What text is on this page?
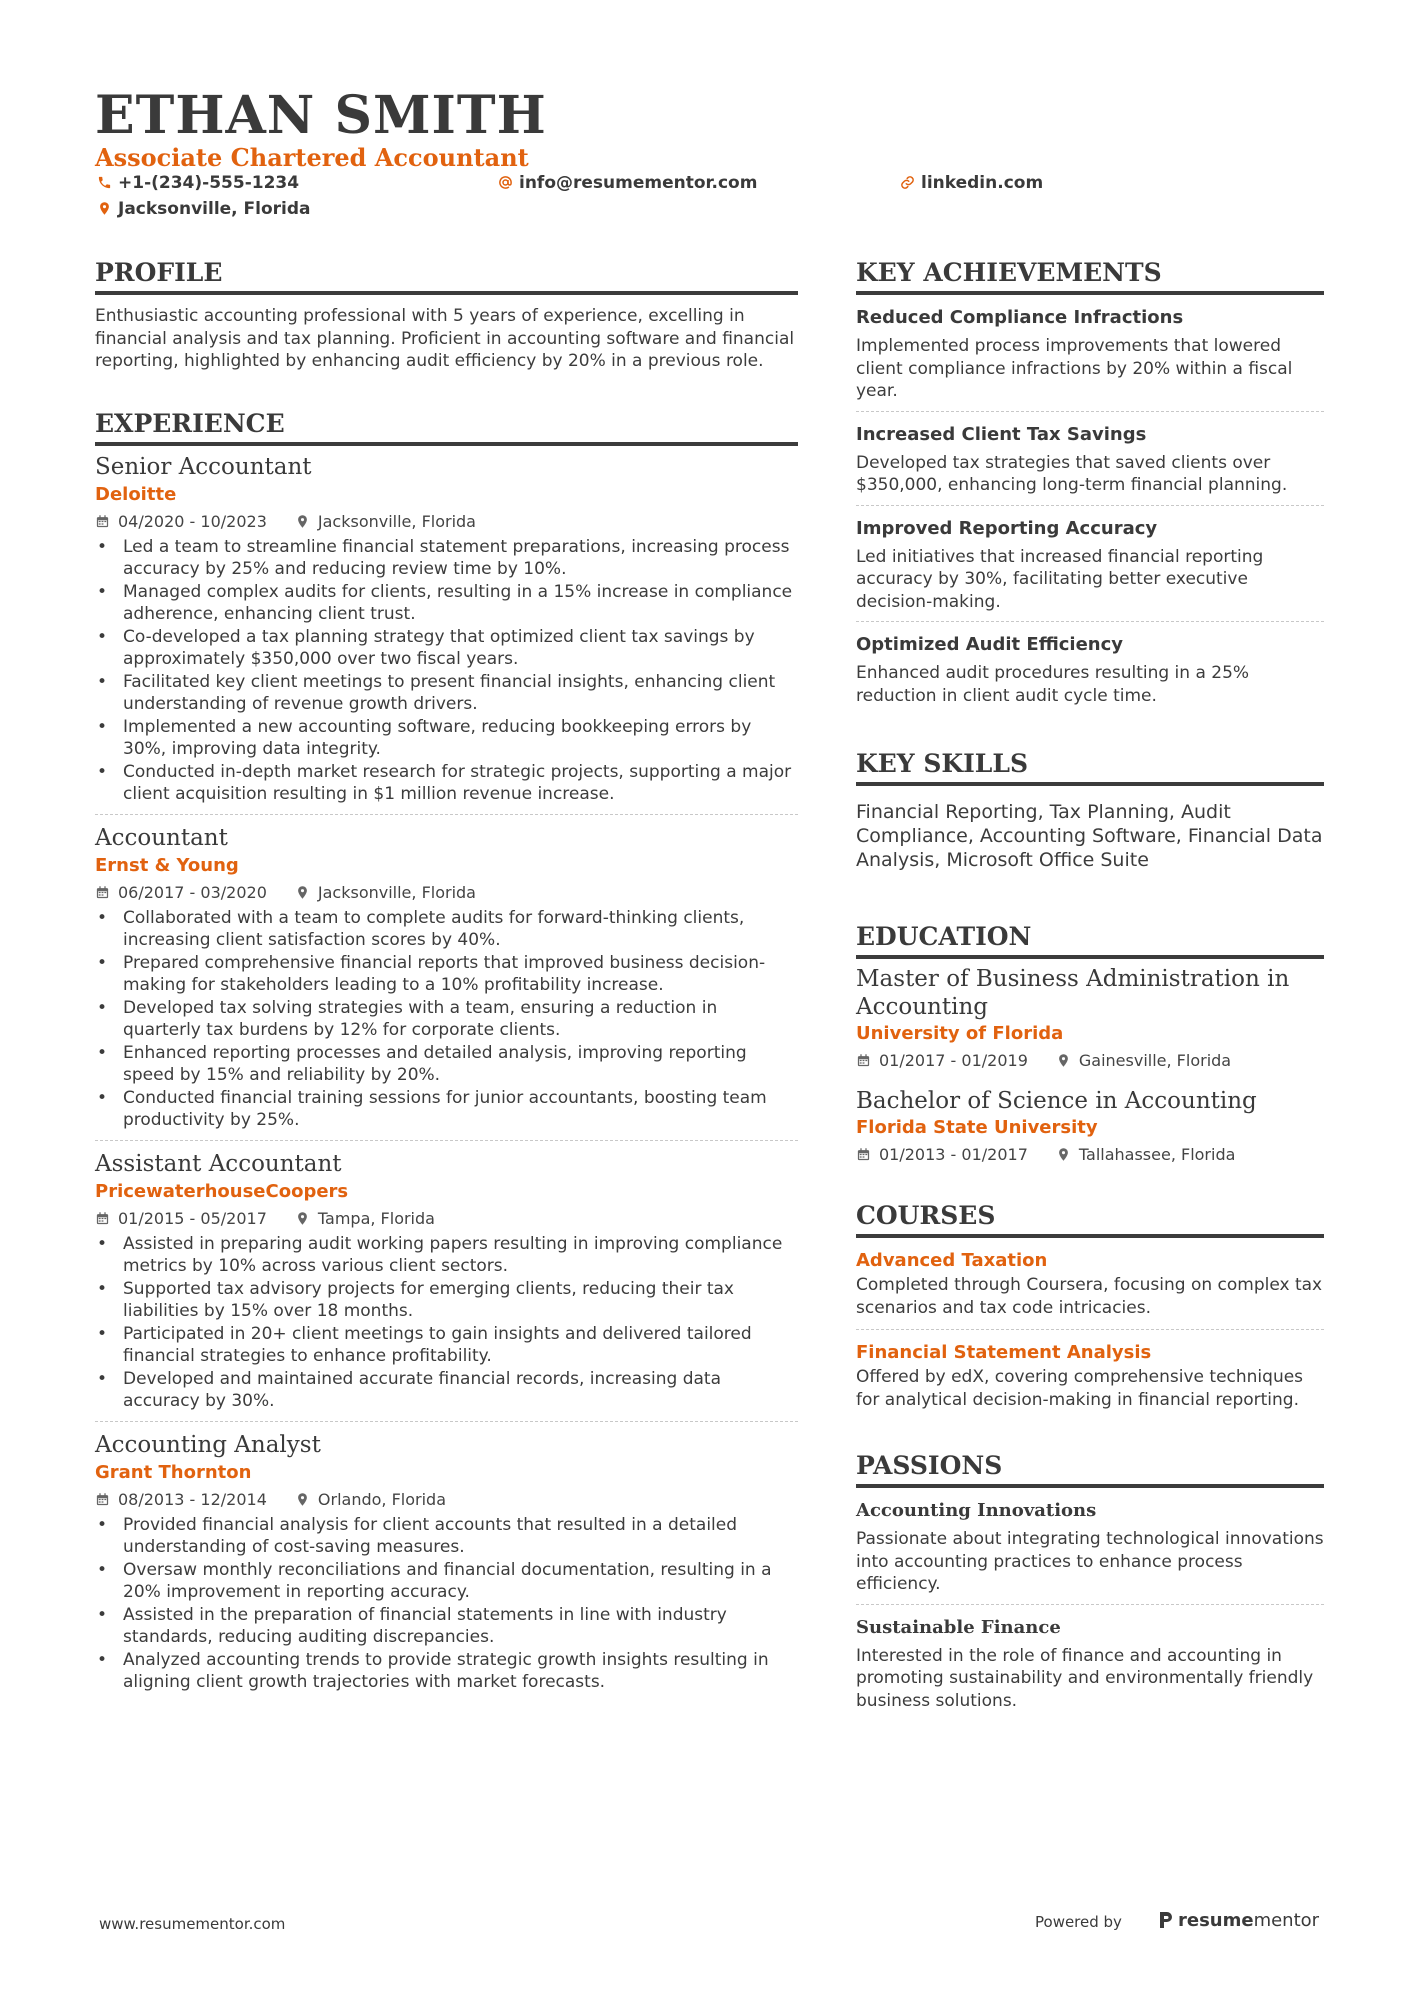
ETHAN SMITH
Associate Chartered Accountant
+1-(234)-555-1234	info@resumementor.com	linkedin.com
Jacksonville, Florida
PROFILE

Enthusiastic accounting professional with 5 years of experience, excelling in financial analysis and tax planning. Proficient in accounting software and financial reporting, highlighted by enhancing audit efficiency by 20% in a previous role.

EXPERIENCE
Senior Accountant
Deloitte
04/2020 - 10/2023	Jacksonville, Florida
• Led a team to streamline financial statement preparations, increasing process accuracy by 25% and reducing review time by 10%.
• Managed complex audits for clients, resulting in a 15% increase in compliance adherence, enhancing client trust.
• Co-developed a tax planning strategy that optimized client tax savings by approximately $350,000 over two fiscal years.
• Facilitated key client meetings to present financial insights, enhancing client understanding of revenue growth drivers.
• Implemented a new accounting software, reducing bookkeeping errors by 30%, improving data integrity.
• Conducted in-depth market research for strategic projects, supporting a major client acquisition resulting in $1 million revenue increase.
Accountant
Ernst & Young
06/2017 - 03/2020	Jacksonville, Florida
• Collaborated with a team to complete audits for forward-thinking clients, increasing client satisfaction scores by 40%.
• Prepared comprehensive financial reports that improved business decision-making for stakeholders leading to a 10% profitability increase.
• Developed tax solving strategies with a team, ensuring a reduction in quarterly tax burdens by 12% for corporate clients.
• Enhanced reporting processes and detailed analysis, improving reporting speed by 15% and reliability by 20%.
• Conducted financial training sessions for junior accountants, boosting team productivity by 25%.
Assistant Accountant
PricewaterhouseCoopers
01/2015 - 05/2017	Tampa, Florida
• Assisted in preparing audit working papers resulting in improving compliance metrics by 10% across various client sectors.
• Supported tax advisory projects for emerging clients, reducing their tax liabilities by 15% over 18 months.
• Participated in 20+ client meetings to gain insights and delivered tailored financial strategies to enhance profitability.
• Developed and maintained accurate financial records, increasing data accuracy by 30%.
Accounting Analyst
Grant Thornton
08/2013 - 12/2014	Orlando, Florida
• Provided financial analysis for client accounts that resulted in a detailed understanding of cost-saving measures.
• Oversaw monthly reconciliations and financial documentation, resulting in a 20% improvement in reporting accuracy.
• Assisted in the preparation of financial statements in line with industry standards, reducing auditing discrepancies.
• Analyzed accounting trends to provide strategic growth insights resulting in aligning client growth trajectories with market forecasts.
KEY ACHIEVEMENTS
Reduced Compliance Infractions

Implemented process improvements that lowered client compliance infractions by 20% within a fiscal year.

Increased Client Tax Savings

Developed tax strategies that saved clients over $350,000, enhancing long-term financial planning.

Improved Reporting Accuracy

Led initiatives that increased financial reporting accuracy by 30%, facilitating better executive decision-making.

Optimized Audit Efficiency

Enhanced audit procedures resulting in a 25% reduction in client audit cycle time.

KEY SKILLS

Financial Reporting, Tax Planning, Audit Compliance, Accounting Software, Financial Data Analysis, Microsoft Office Suite

EDUCATION
Master of Business Administration in Accounting
University of Florida
01/2017 - 01/2019	Gainesville, Florida
Bachelor of Science in Accounting
Florida State University
01/2013 - 01/2017	Tallahassee, Florida
COURSES
Advanced Taxation

Completed through Coursera, focusing on complex tax scenarios and tax code intricacies.

Financial Statement Analysis

Offered by edX, covering comprehensive techniques for analytical decision-making in financial reporting.

PASSIONS
Accounting Innovations

Passionate about integrating technological innovations into accounting practices to enhance process efficiency.

Sustainable Finance

Interested in the role of finance and accounting in promoting sustainability and environmentally friendly business solutions.

www.resumementor.com	Powered by	resumementor
